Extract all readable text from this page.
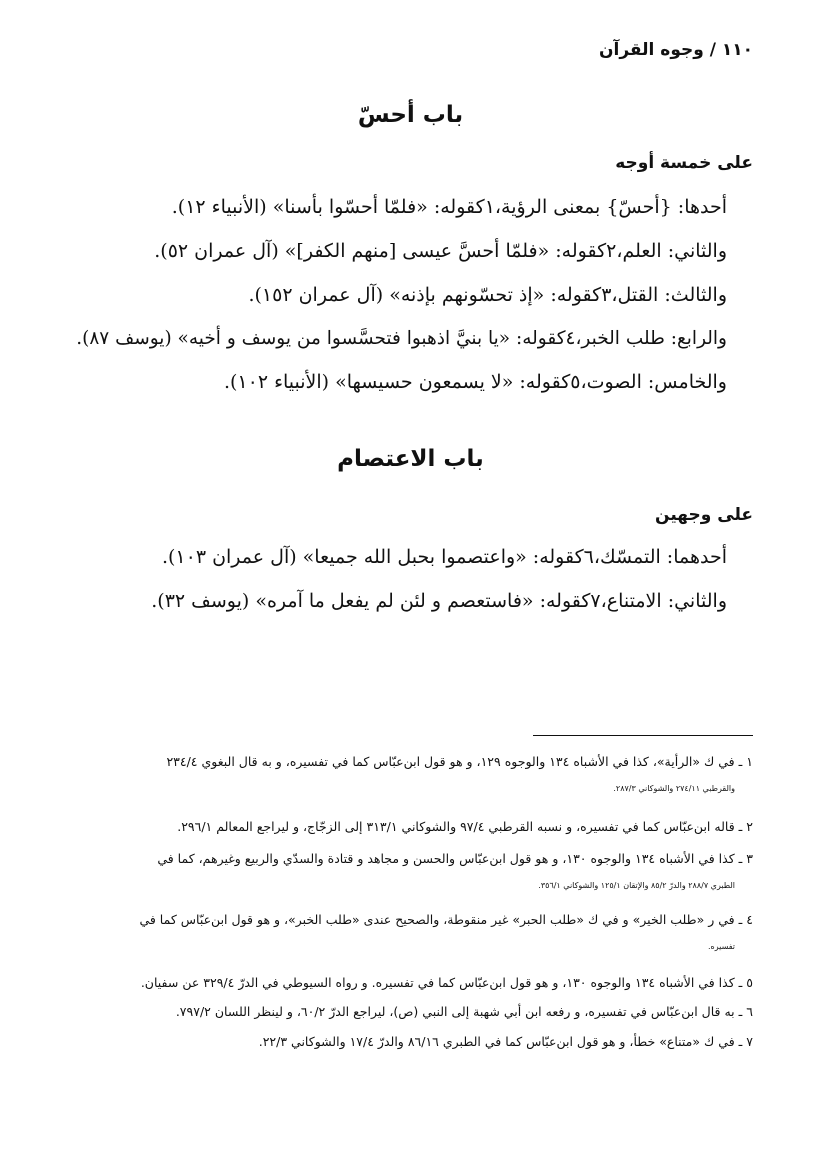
١١٠ / وجوه القرآن
باب أحسّ
على خمسة أوجه
أحدها: {أحسّ} بمعنى الرؤية،١كقوله: «فلمّا أحسّوا بأسنا» (الأنبياء ١٢).
والثاني: العلم،٢كقوله: «فلمّا أحسَّ عيسى [منهم الكفر]» (آل عمران ٥٢).
والثالث: القتل،٣كقوله: «إذ تحسّونهم بإذنه» (آل عمران ١٥٢).
والرابع: طلب الخبر،٤كقوله: «يا بنيَّ اذهبوا فتحسَّسوا من يوسف و أخيه» (يوسف ٨٧).
والخامس: الصوت،٥كقوله: «لا يسمعون حسيسها» (الأنبياء ١٠٢).
باب الاعتصام
على وجهين
أحدهما: التمسّك،٦كقوله: «واعتصموا بحبل الله جميعا» (آل عمران ١٠٣).
والثاني: الامتناع،٧كقوله: «فاستعصم و لئن لم يفعل ما آمره» (يوسف ٣٢).
١ ـ في ك «الرأية»، كذا في الأشباه ١٣٤ والوجوه ١٢٩، و هو قول ابن‌عبّاس كما في تفسيره، و به قال البغوي ٢٣٤/٤
والقرطبي ٢٧٤/١١ والشوكاني ٢٨٧/٣.
٢ ـ قاله ابن‌عبّاس كما في تفسيره، و نسبه القرطبي ٩٧/٤ والشوكاني ٣١٣/١ إلى الزجّاج، و ليراجع المعالم ٢٩٦/١.
٣ ـ كذا في الأشباه ١٣٤ والوجوه ١٣٠، و هو قول ابن‌عبّاس والحسن و مجاهد و قتادة والسدّي والربيع وغيرهم، كما في
الطبري ٢٨٨/٧ والدرّ ٨٥/٢ والإتقان ١٢٥/١ والشوكاني ٣٥٦/١.
٤ ـ في ر «طلب الخير» و في ك «طلب الحبر» غير منقوطة، والصحيح عندى «طلب الخبر»، و هو قول ابن‌عبّاس كما في
تفسيره.
٥ ـ كذا في الأشباه ١٣٤ والوجوه ١٣٠، و هو قول ابن‌عبّاس كما في تفسيره. و رواه السيوطي في الدرّ ٣٢٩/٤ عن سفيان.
٦ ـ به قال ابن‌عبّاس في تفسيره، و رفعه ابن أبي شهبة إلى النبي (ص)، ليراجع الدرّ ٦٠/٢، و لينظر اللسان ٧٩٧/٢.
٧ ـ في ك «متناع» خطأ، و هو قول ابن‌عبّاس كما في الطبري ٨٦/١٦ والدرّ ١٧/٤ والشوكاني ٢٢/٣.
